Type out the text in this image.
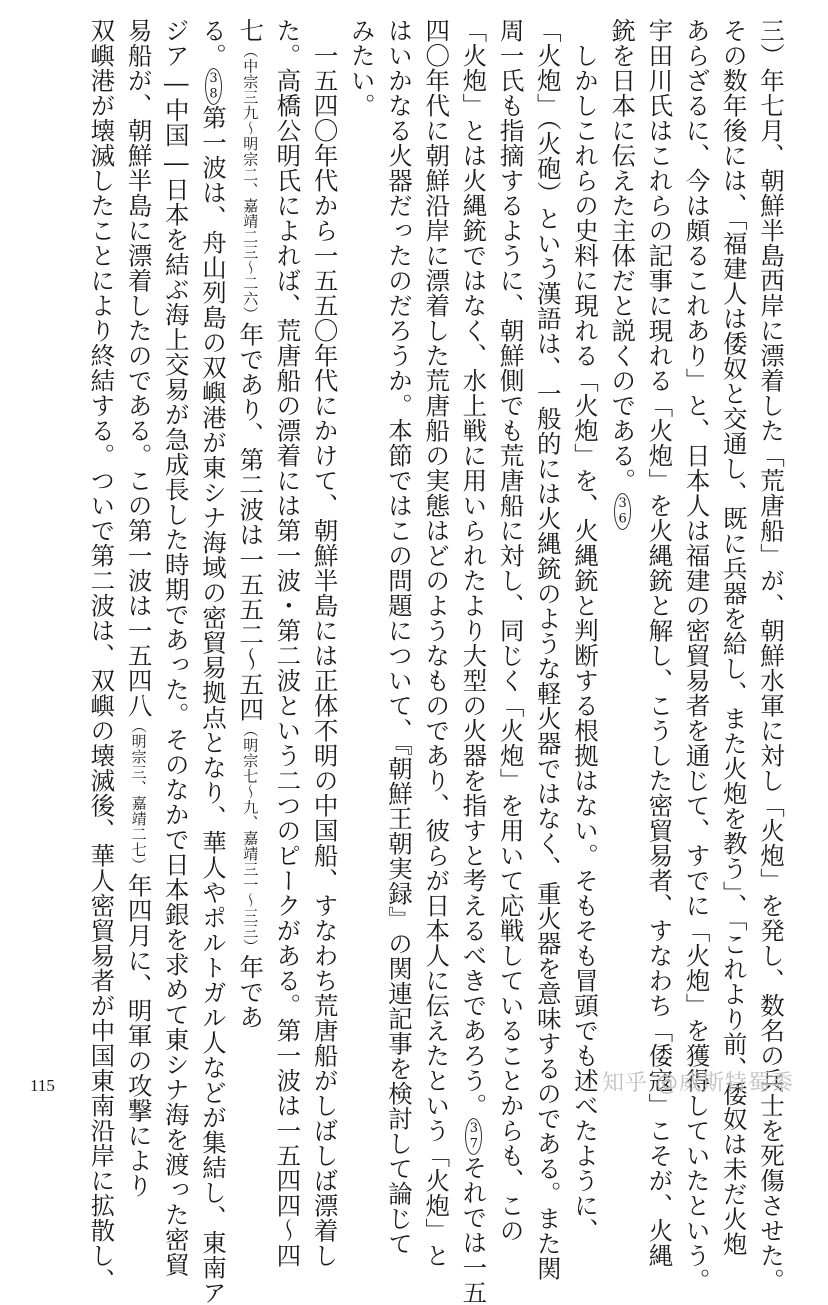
三）年七月、朝鮮半島西岸に漂着した「荒唐船」が、朝鮮水軍に対し「火炮」を発し、数名の兵士を死傷させた。
その数年後には、「福建人は倭奴と交通し、既に兵器を給し、また火炮を教う」、「これより前、倭奴は未だ火炮
あらざるに、今は頗るこれあり」と、日本人は福建の密貿易者を通じて、すでに「火炮」を獲得していたという。
宇田川氏はこれらの記事に現れる「火炮」を火縄銃と解し、こうした密貿易者、すなわち「倭寇」こそが、火縄
銃を日本に伝えた主体だと説くのである。36
　しかしこれらの史料に現れる「火炮」を、火縄銃と判断する根拠はない。そもそも冒頭でも述べたように、
「火炮」（火砲）という漢語は、一般的には火縄銃のような軽火器ではなく、重火器を意味するのである。また関
周一氏も指摘するように、朝鮮側でも荒唐船に対し、同じく「火炮」を用いて応戦していることからも、この
「火炮」とは火縄銃ではなく、水上戦に用いられたより大型の火器を指すと考えるべきであろう。37それでは一五
四〇年代に朝鮮沿岸に漂着した荒唐船の実態はどのようなものであり、彼らが日本人に伝えたという「火炮」と
はいかなる火器だったのだろうか。本節ではこの問題について、『朝鮮王朝実録』の関連記事を検討して論じて
みたい。
　一五四〇年代から一五五〇年代にかけて、朝鮮半島には正体不明の中国船、すなわち荒唐船がしばしば漂着し
た。高橋公明氏によれば、荒唐船の漂着には第一波・第二波という二つのピークがある。第一波は一五四四〜四
七（中宗三九〜明宗二、嘉靖二三〜二六）年であり、第二波は一五五二〜五四（明宗七〜九、嘉靖三一〜三三）年であ
る。38第一波は、舟山列島の双嶼港が東シナ海域の密貿易拠点となり、華人やポルトガル人などが集結し、東南ア
ジア―中国―日本を結ぶ海上交易が急成長した時期であった。そのなかで日本銀を求めて東シナ海を渡った密貿
易船が、朝鮮半島に漂着したのである。この第一波は一五四八（明宗三、嘉靖二七）年四月に、明軍の攻撃により
双嶼港が壊滅したことにより終結する。ついで第二波は、双嶼の壊滅後、華人密貿易者が中国東南沿岸に拡散し、
115	知乎 @威斯特蜀黍
